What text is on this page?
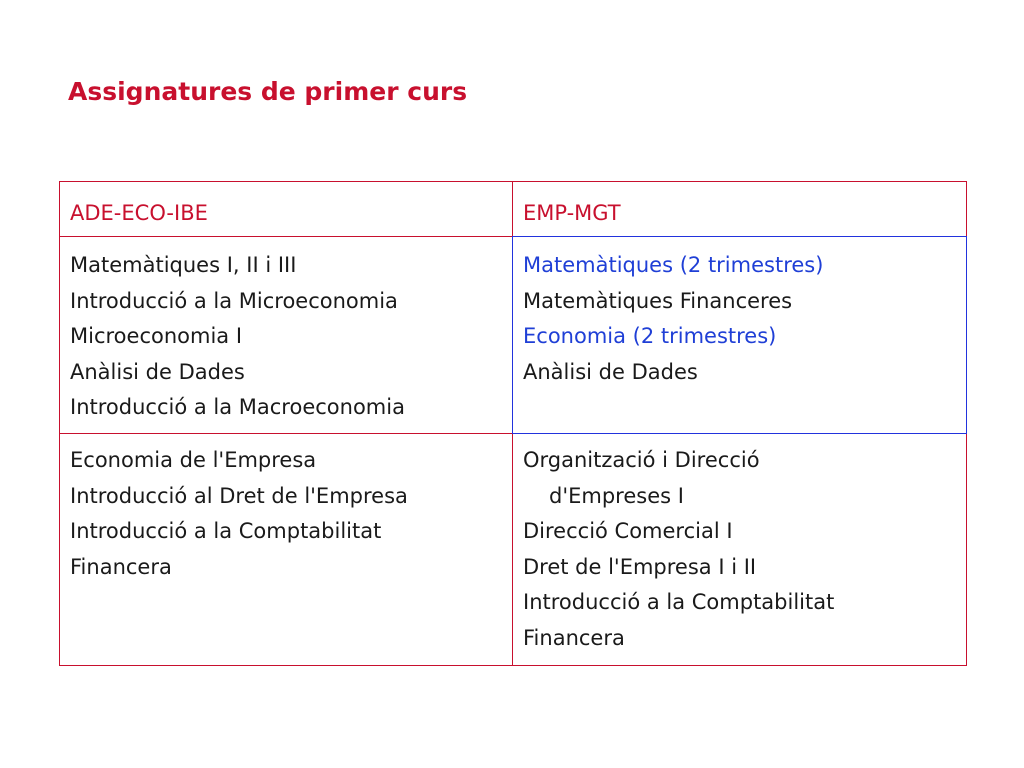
Assignatures de primer curs
ADE-ECO-IBE	EMP-MGT
Matemàtiques I, II i III
Introducció a la Microeconomia
Microeconomia I
Anàlisi de Dades
Introducció a la Macroeconomia
Matemàtiques (2 trimestres)
Matemàtiques Financeres
Economia (2 trimestres)
Anàlisi de Dades
Economia de l'Empresa
Introducció al Dret de l'Empresa
Introducció a la Comptabilitat
Financera
Organització i Direcció
d'Empreses I
Direcció Comercial I
Dret de l'Empresa I i II
Introducció a la Comptabilitat
Financera
